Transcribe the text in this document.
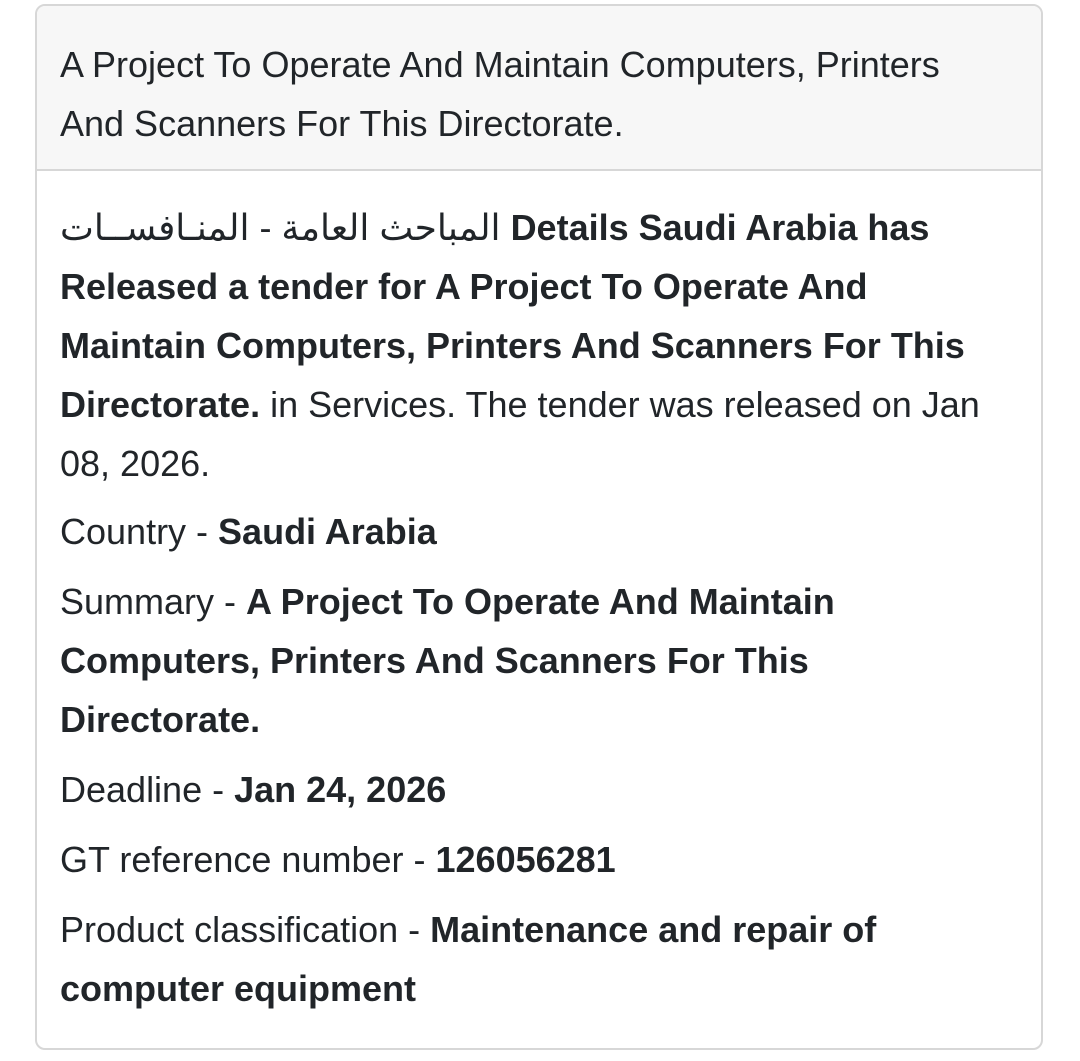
A Project To Operate And Maintain Computers, Printers And Scanners For This Directorate.

المباحث العامة - المنـافســات Details Saudi Arabia has Released a tender for A Project To Operate And Maintain Computers, Printers And Scanners For This Directorate. in Services. The tender was released on Jan 08, 2026.

Country - Saudi Arabia
Summary - A Project To Operate And Maintain Computers, Printers And Scanners For This Directorate.
Deadline - Jan 24, 2026
GT reference number - 126056281
Product classification - Maintenance and repair of computer equipment
